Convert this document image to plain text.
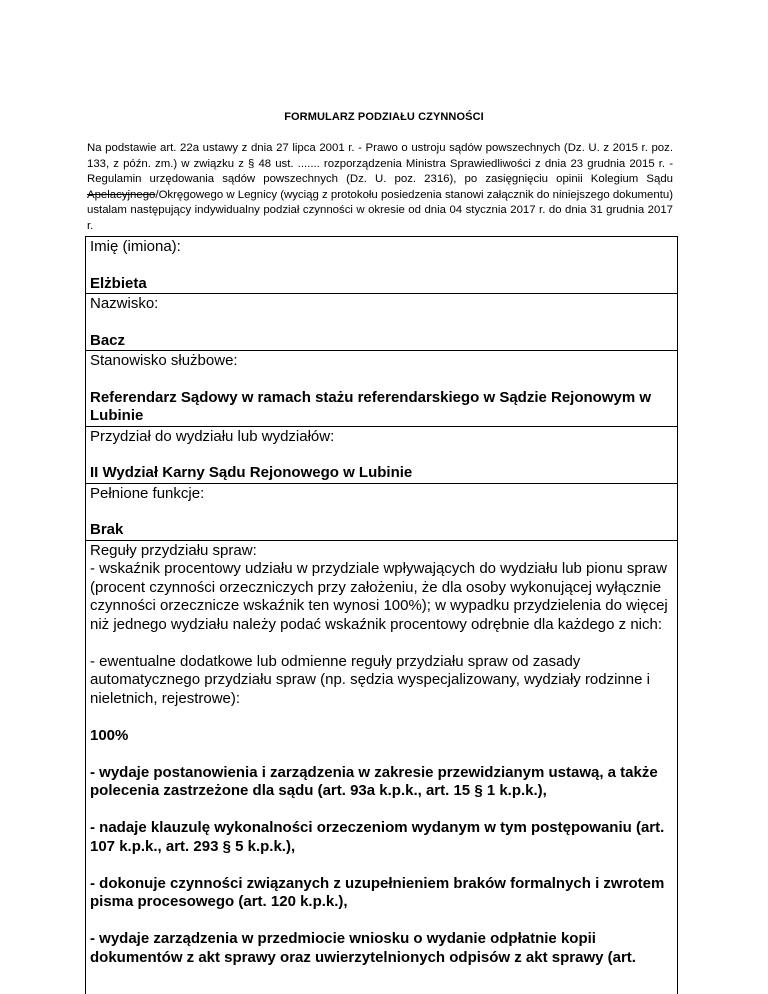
FORMULARZ PODZIAŁU CZYNNOŚCI
Na podstawie art. 22a ustawy z dnia 27 lipca 2001 r. - Prawo o ustroju sądów powszechnych (Dz. U. z 2015 r. poz. 133, z późn. zm.) w związku z § 48 ust. ....... rozporządzenia Ministra Sprawiedliwości z dnia 23 grudnia 2015 r. - Regulamin urzędowania sądów powszechnych (Dz. U. poz. 2316), po zasięgnięciu opinii Kolegium Sądu Apelacyjnego/Okręgowego w Legnicy (wyciąg z protokołu posiedzenia stanowi załącznik do niniejszego dokumentu) ustalam następujący indywidualny podział czynności w okresie od dnia 04 stycznia 2017 r. do dnia 31 grudnia 2017 r.
Imię (imiona):
Elżbieta
Nazwisko:
Bacz
Stanowisko służbowe:
Referendarz Sądowy w ramach stażu referendarskiego w Sądzie Rejonowym w Lubinie
Przydział do wydziału lub wydziałów:
II Wydział Karny Sądu Rejonowego w Lubinie
Pełnione funkcje:
Brak
Reguły przydziału spraw:

- wskaźnik procentowy udziału w przydziale wpływających do wydziału lub pionu spraw (procent czynności orzeczniczych przy założeniu, że dla osoby wykonującej wyłącznie czynności orzecznicze wskaźnik ten wynosi 100%); w wypadku przydzielenia do więcej niż jednego wydziału należy podać wskaźnik procentowy odrębnie dla każdego z nich:

- ewentualne dodatkowe lub odmienne reguły przydziału spraw od zasady automatycznego przydziału spraw (np. sędzia wyspecjalizowany, wydziały rodzinne i nieletnich, rejestrowe):

100%

- wydaje postanowienia i zarządzenia w zakresie przewidzianym ustawą, a także polecenia zastrzeżone dla sądu (art. 93a k.p.k., art. 15 § 1 k.p.k.),

- nadaje klauzulę wykonalności orzeczeniom wydanym w tym postępowaniu (art. 107 k.p.k., art. 293 § 5 k.p.k.),

- dokonuje czynności związanych z uzupełnieniem braków formalnych i zwrotem pisma procesowego (art. 120 k.p.k.),

- wydaje zarządzenia w przedmiocie wniosku o wydanie odpłatnie kopii dokumentów z akt sprawy oraz uwierzytelnionych odpisów z akt sprawy (art.
